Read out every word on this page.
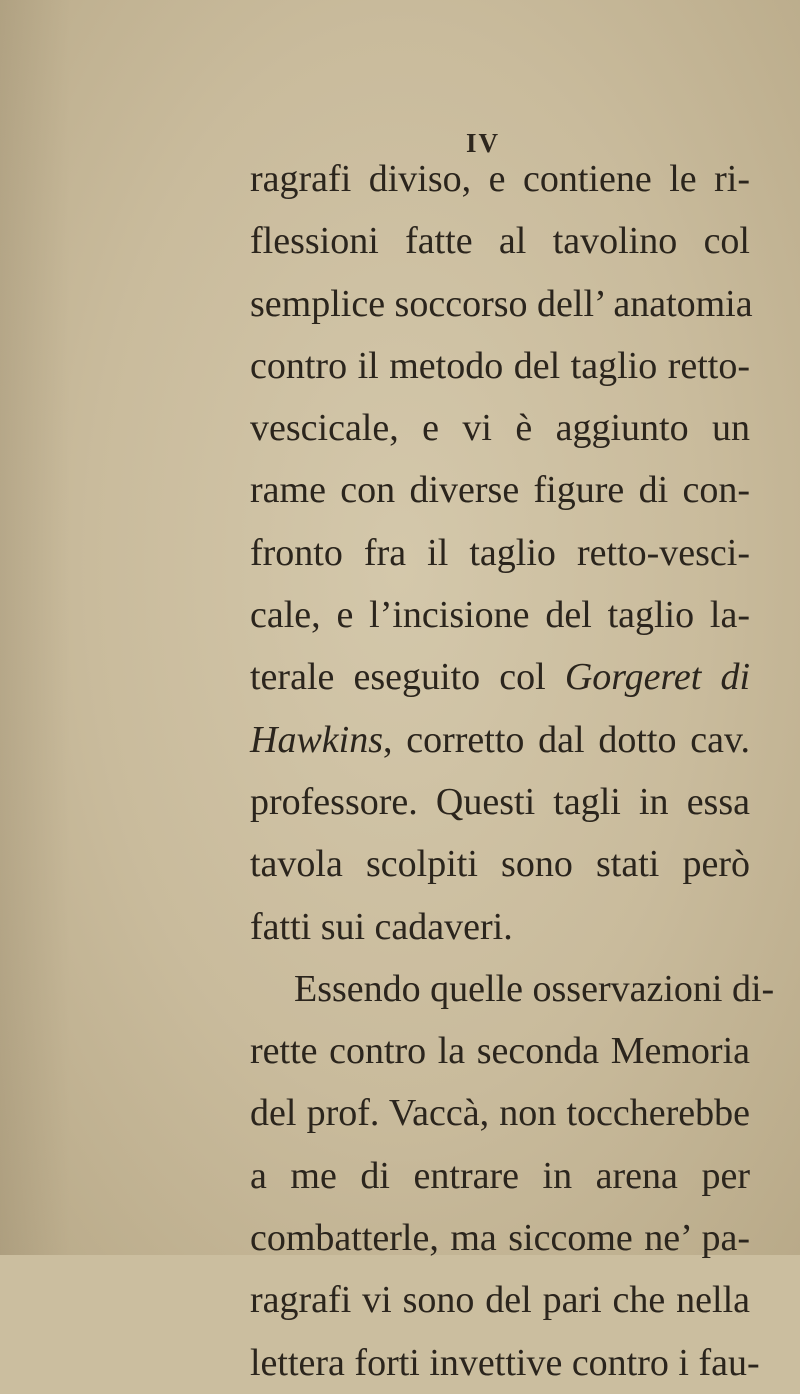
IV
ragrafi diviso, e contiene le ri-
flessioni fatte al tavolino col
semplice soccorso dell’ anatomia
contro il metodo del taglio retto-
vescicale, e vi è aggiunto un
rame con diverse figure di con-
fronto fra il taglio retto-vesci-
cale, e l’incisione del taglio la-
terale eseguito col Gorgeret di
Hawkins, corretto dal dotto cav.
professore. Questi tagli in essa
tavola scolpiti sono stati però
fatti sui cadaveri.
Essendo quelle osservazioni di-
rette contro la seconda Memoria
del prof. Vaccà, non toccherebbe
a me di entrare in arena per
combatterle, ma siccome ne’ pa-
ragrafi vi sono del pari che nella
lettera forti invettive contro i fau-
